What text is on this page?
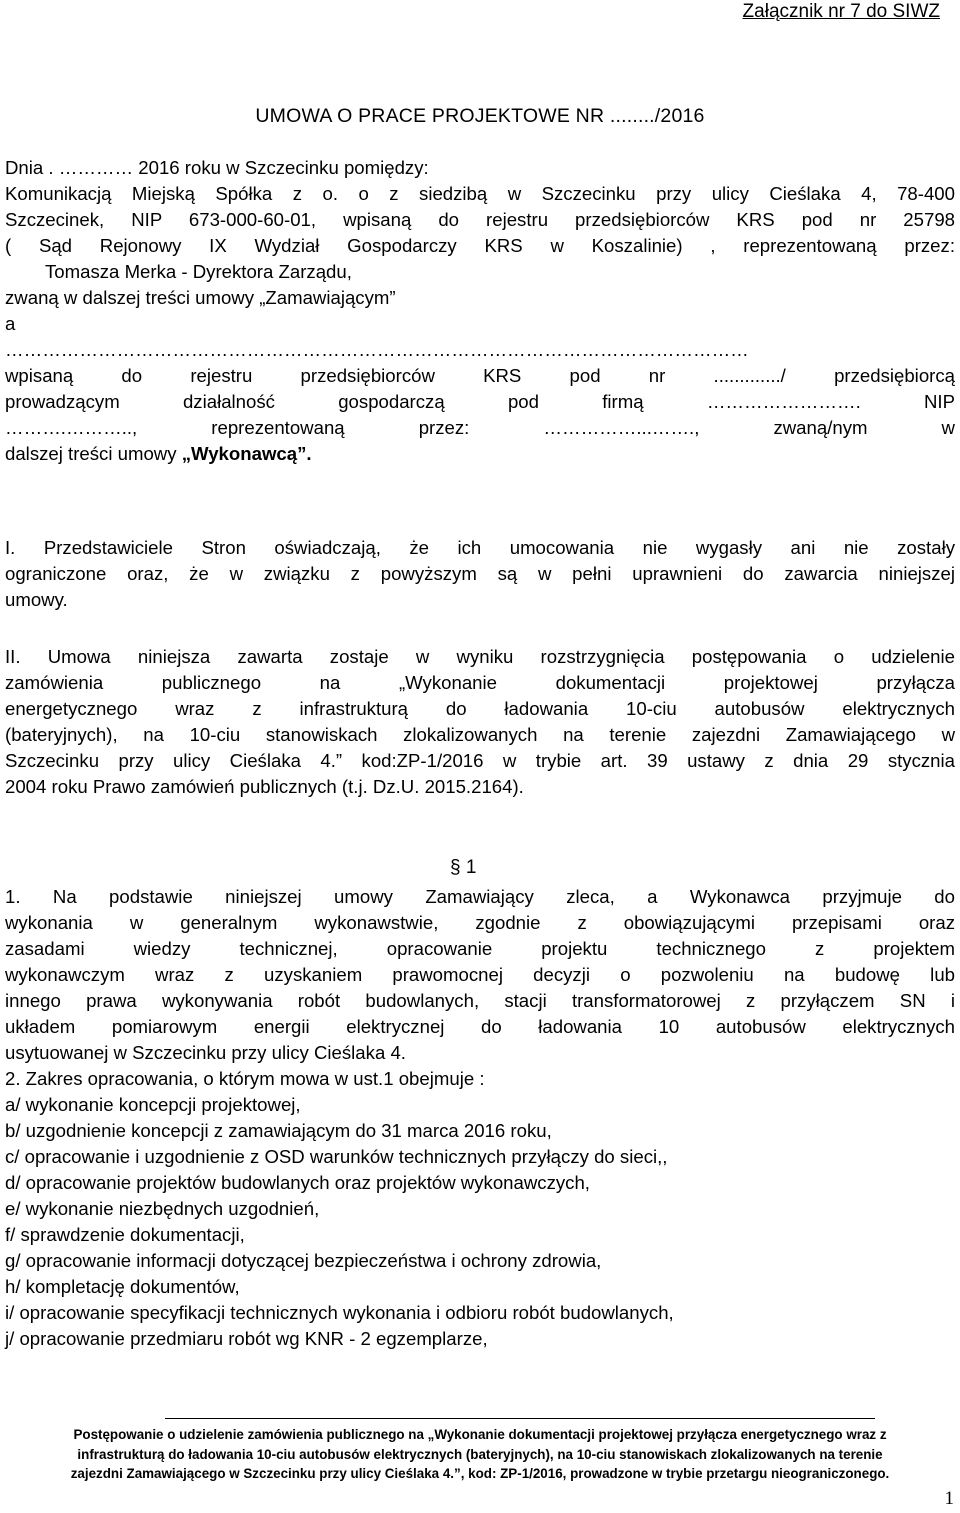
Załącznik nr 7 do SIWZ
UMOWA O PRACE PROJEKTOWE NR ......../2016

Dnia . ………… 2016 roku w Szczecinku pomiędzy:

Komunikacją Miejską Spółka z o. o z siedzibą w Szczecinku przy ulicy Cieślaka 4, 78-400

Szczecinek, NIP 673-000-60-01, wpisaną do rejestru przedsiębiorców KRS pod nr 25798

( Sąd Rejonowy IX Wydział Gospodarczy KRS w Koszalinie) , reprezentowaną przez:

Tomasza Merka - Dyrektora Zarządu,

zwaną w dalszej treści umowy „Zamawiającym”

a

…………………………………………………………………………………………………………

wpisaną do rejestru przedsiębiorców KRS pod nr ............./ przedsiębiorcą

prowadzącym działalność gospodarczą pod firmą ……………………. NIP

……….……….., reprezentowaną przez: ……………...……., zwaną/nym w

dalszej treści umowy „Wykonawcą”.

I. Przedstawiciele Stron oświadczają, że ich umocowania nie wygasły ani nie zostały

ograniczone oraz, że w związku z powyższym są w pełni uprawnieni do zawarcia niniejszej

umowy.

II. Umowa niniejsza zawarta zostaje w wyniku rozstrzygnięcia postępowania o udzielenie

zamówienia publicznego na „Wykonanie dokumentacji projektowej przyłącza

energetycznego wraz z infrastrukturą do ładowania 10-ciu autobusów elektrycznych

(bateryjnych), na 10-ciu stanowiskach zlokalizowanych na terenie zajezdni Zamawiającego w

Szczecinku przy ulicy Cieślaka 4.” kod:ZP-1/2016 w trybie art. 39 ustawy z dnia 29 stycznia

2004 roku Prawo zamówień publicznych (t.j. Dz.U. 2015.2164).

§ 1

1. Na podstawie niniejszej umowy Zamawiający zleca, a Wykonawca przyjmuje do

wykonania w generalnym wykonawstwie, zgodnie z obowiązującymi przepisami oraz

zasadami wiedzy technicznej, opracowanie projektu technicznego z projektem

wykonawczym wraz z uzyskaniem prawomocnej decyzji o pozwoleniu na budowę lub

innego prawa wykonywania robót budowlanych, stacji transformatorowej z przyłączem SN i

układem pomiarowym energii elektrycznej do ładowania 10 autobusów elektrycznych

usytuowanej w Szczecinku przy ulicy Cieślaka 4.

2. Zakres opracowania, o którym mowa w ust.1 obejmuje :

a/ wykonanie koncepcji projektowej,

b/ uzgodnienie koncepcji z zamawiającym do 31 marca 2016 roku,

c/ opracowanie i uzgodnienie z OSD warunków technicznych przyłączy do sieci,,

d/ opracowanie projektów budowlanych oraz projektów wykonawczych,

e/ wykonanie niezbędnych uzgodnień,

f/ sprawdzenie dokumentacji,

g/ opracowanie informacji dotyczącej bezpieczeństwa i ochrony zdrowia,

h/ kompletację dokumentów,

i/ opracowanie specyfikacji technicznych wykonania i odbioru robót budowlanych,

j/ opracowanie przedmiaru robót wg KNR - 2 egzemplarze,

Postępowanie o udzielenie zamówienia publicznego na „Wykonanie dokumentacji projektowej przyłącza energetycznego wraz z

infrastrukturą do ładowania 10-ciu autobusów elektrycznych (bateryjnych), na 10-ciu stanowiskach zlokalizowanych na terenie

zajezdni Zamawiającego w Szczecinku przy ulicy Cieślaka 4.”, kod: ZP-1/2016, prowadzone w trybie przetargu nieograniczonego.

1
